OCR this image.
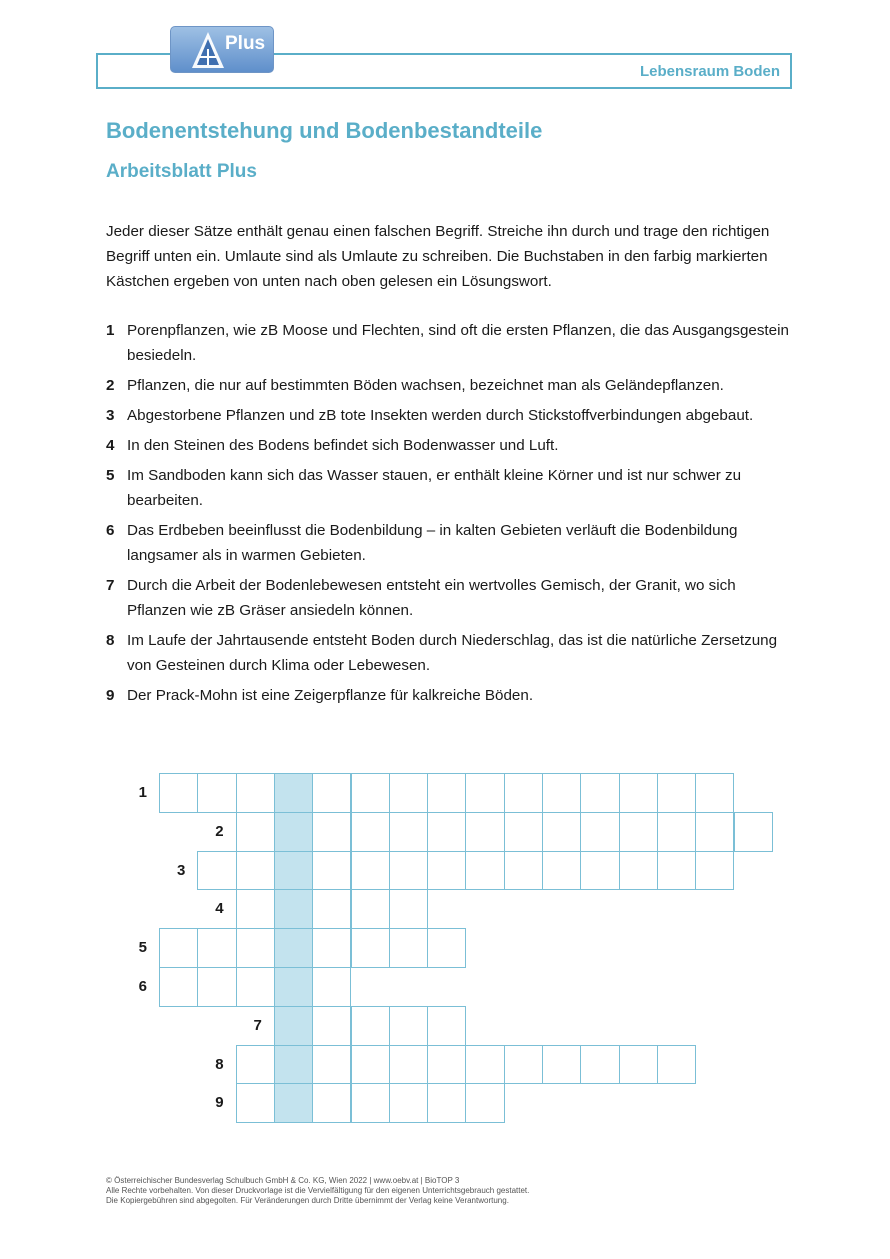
Lebensraum Boden
Plus
Bodenentstehung und Bodenbestandteile
Arbeitsblatt Plus

Jeder dieser Sätze enthält genau einen falschen Begriff. Streiche ihn durch und trage den richtigen Begriff unten ein. Umlaute sind als Umlaute zu schreiben. Die Buchstaben in den farbig markierten Kästchen ergeben von unten nach oben gelesen ein Lösungswort.

1 Porenpflanzen, wie zB Moose und Flechten, sind oft die ersten Pflanzen, die das Ausgangsgestein besiedeln.
2 Pflanzen, die nur auf bestimmten Böden wachsen, bezeichnet man als Geländepflanzen.
3 Abgestorbene Pflanzen und zB tote Insekten werden durch Stickstoffverbindungen abgebaut.
4 In den Steinen des Bodens befindet sich Bodenwasser und Luft.
5 Im Sandboden kann sich das Wasser stauen, er enthält kleine Körner und ist nur schwer zu bearbeiten.
6 Das Erdbeben beeinflusst die Bodenbildung – in kalten Gebieten verläuft die Bodenbildung langsamer als in warmen Gebieten.
7 Durch die Arbeit der Bodenlebewesen entsteht ein wertvolles Gemisch, der Granit, wo sich Pflanzen wie zB Gräser ansiedeln können.
8 Im Laufe der Jahrtausende entsteht Boden durch Niederschlag, das ist die natürliche Zersetzung von Gesteinen durch Klima oder Lebewesen.
9 Der Prack-Mohn ist eine Zeigerpflanze für kalkreiche Böden.
1
2
3
4
5
6
7
8
9
© Österreichischer Bundesverlag Schulbuch GmbH & Co. KG, Wien 2022 | www.oebv.at | BioTOP 3
Alle Rechte vorbehalten. Von dieser Druckvorlage ist die Vervielfältigung für den eigenen Unterrichtsgebrauch gestattet.
Die Kopiergebühren sind abgegolten. Für Veränderungen durch Dritte übernimmt der Verlag keine Verantwortung.
